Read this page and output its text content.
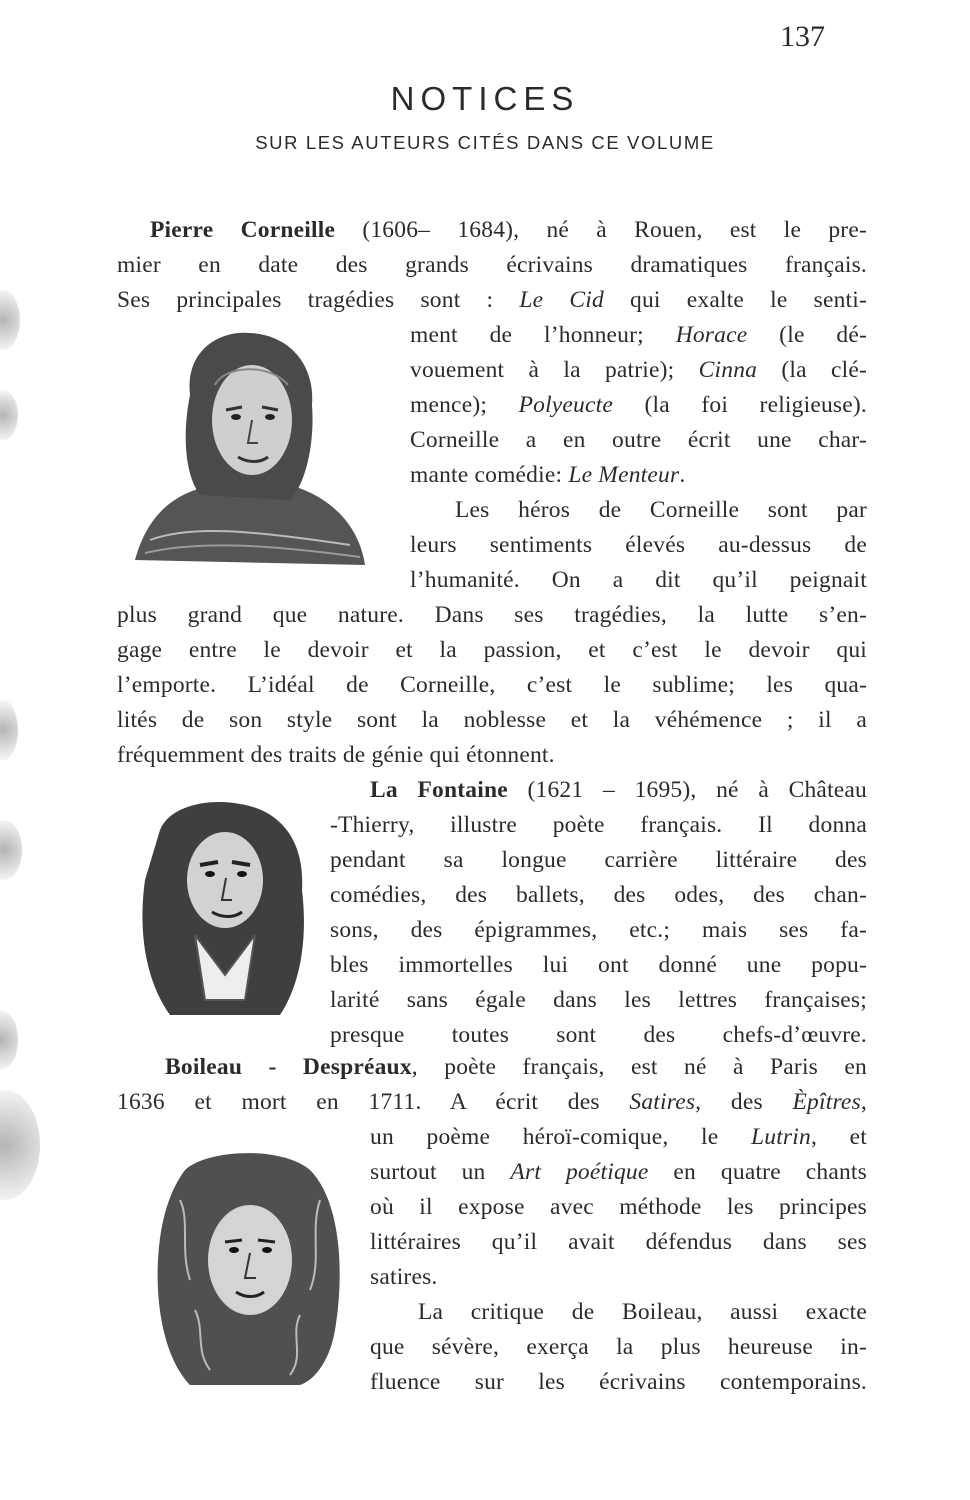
137
NOTICES
SUR LES AUTEURS CITÉS DANS CE VOLUME
Pierre Corneille (1606– 1684), né à Rouen, est le pre-
mier en date des grands écrivains dramatiques français.
Ses principales tragédies sont : Le Cid qui exalte le senti-
ment de l’honneur; Horace (le dé-
vouement à la patrie); Cinna (la clé-
mence); Polyeucte (la foi religieuse).
Corneille a en outre écrit une char-
mante comédie: Le Menteur.
Les héros de Corneille sont par
leurs sentiments élevés au-dessus de
l’humanité. On a dit qu’il peignait
plus grand que nature. Dans ses tragédies, la lutte s’en-
gage entre le devoir et la passion, et c’est le devoir qui
l’emporte. L’idéal de Corneille, c’est le sublime; les qua-
lités de son style sont la noblesse et la véhémence ; il a
fréquemment des traits de génie qui étonnent.
La Fontaine (1621 – 1695), né à Château
-Thierry, illustre poète français. Il donna
pendant sa longue carrière littéraire des
comédies, des ballets, des odes, des chan-
sons, des épigrammes, etc.; mais ses fa-
bles immortelles lui ont donné une popu-
larité sans égale dans les lettres françaises;
presque toutes sont des chefs-d’œuvre.
Boileau - Despréaux, poète français, est né à Paris en
1636 et mort en 1711. A écrit des Satires, des Èpîtres,
un poème héroï-comique, le Lutrin, et
surtout un Art poétique en quatre chants
où il expose avec méthode les principes
littéraires qu’il avait défendus dans ses
satires.
La critique de Boileau, aussi exacte
que sévère, exerça la plus heureuse in-
fluence sur les écrivains contemporains.
